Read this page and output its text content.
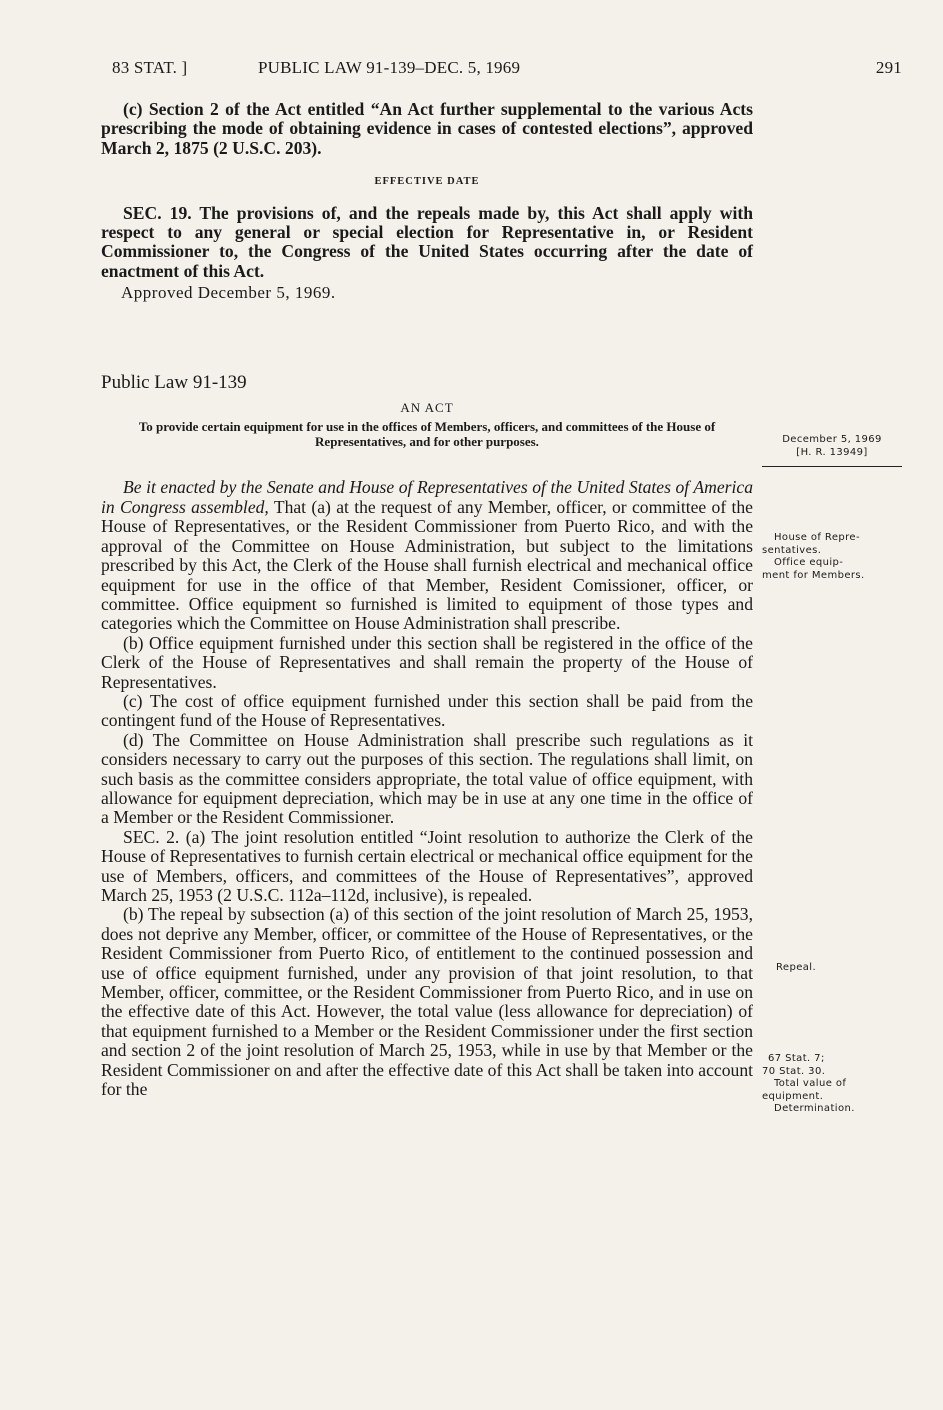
83 STAT. ]	PUBLIC LAW 91-139–DEC. 5, 1969	291

(c) Section 2 of the Act entitled “An Act further supplemental to the various Acts prescribing the mode of obtaining evidence in cases of contested elections”, approved March 2, 1875 (2 U.S.C. 203).

EFFECTIVE DATE

SEC. 19. The provisions of, and the repeals made by, this Act shall apply with respect to any general or special election for Representative in, or Resident Commissioner to, the Congress of the United States occurring after the date of enactment of this Act.

Approved December 5, 1969.

Public Law 91-139
AN ACT

To provide certain equipment for use in the offices of Members, officers, and committees of the House of Representatives, and for other purposes.

Be it enacted by the Senate and House of Representatives of the United States of America in Congress assembled, That (a) at the request of any Member, officer, or committee of the House of Representatives, or the Resident Commissioner from Puerto Rico, and with the approval of the Committee on House Administration, but subject to the limitations prescribed by this Act, the Clerk of the House shall furnish electrical and mechanical office equipment for use in the office of that Member, Resident Comissioner, officer, or committee. Office equipment so furnished is limited to equipment of those types and categories which the Committee on House Administration shall prescribe.

(b) Office equipment furnished under this section shall be registered in the office of the Clerk of the House of Representatives and shall remain the property of the House of Representatives.

(c) The cost of office equipment furnished under this section shall be paid from the contingent fund of the House of Representatives.

(d) The Committee on House Administration shall prescribe such regulations as it considers necessary to carry out the purposes of this section. The regulations shall limit, on such basis as the committee considers appropriate, the total value of office equipment, with allowance for equipment depreciation, which may be in use at any one time in the office of a Member or the Resident Commissioner.

SEC. 2. (a) The joint resolution entitled “Joint resolution to authorize the Clerk of the House of Representatives to furnish certain electrical or mechanical office equipment for the use of Members, officers, and committees of the House of Representatives”, approved March 25, 1953 (2 U.S.C. 112a–112d, inclusive), is repealed.

(b) The repeal by subsection (a) of this section of the joint resolution of March 25, 1953, does not deprive any Member, officer, or committee of the House of Representatives, or the Resident Commissioner from Puerto Rico, of entitlement to the continued possession and use of office equipment furnished, under any provision of that joint resolution, to that Member, officer, committee, or the Resident Commissioner from Puerto Rico, and in use on the effective date of this Act. However, the total value (less allowance for depreciation) of that equipment furnished to a Member or the Resident Commissioner under the first section and section 2 of the joint resolution of March 25, 1953, while in use by that Member or the Resident Commissioner on and after the effective date of this Act shall be taken into account for the

December 5, 1969
[H. R. 13949]
House of Repre-
sentatives.
Office equip-
ment for Members.
Repeal.
67 Stat. 7;
70 Stat. 30.
Total value of
equipment.
Determination.
